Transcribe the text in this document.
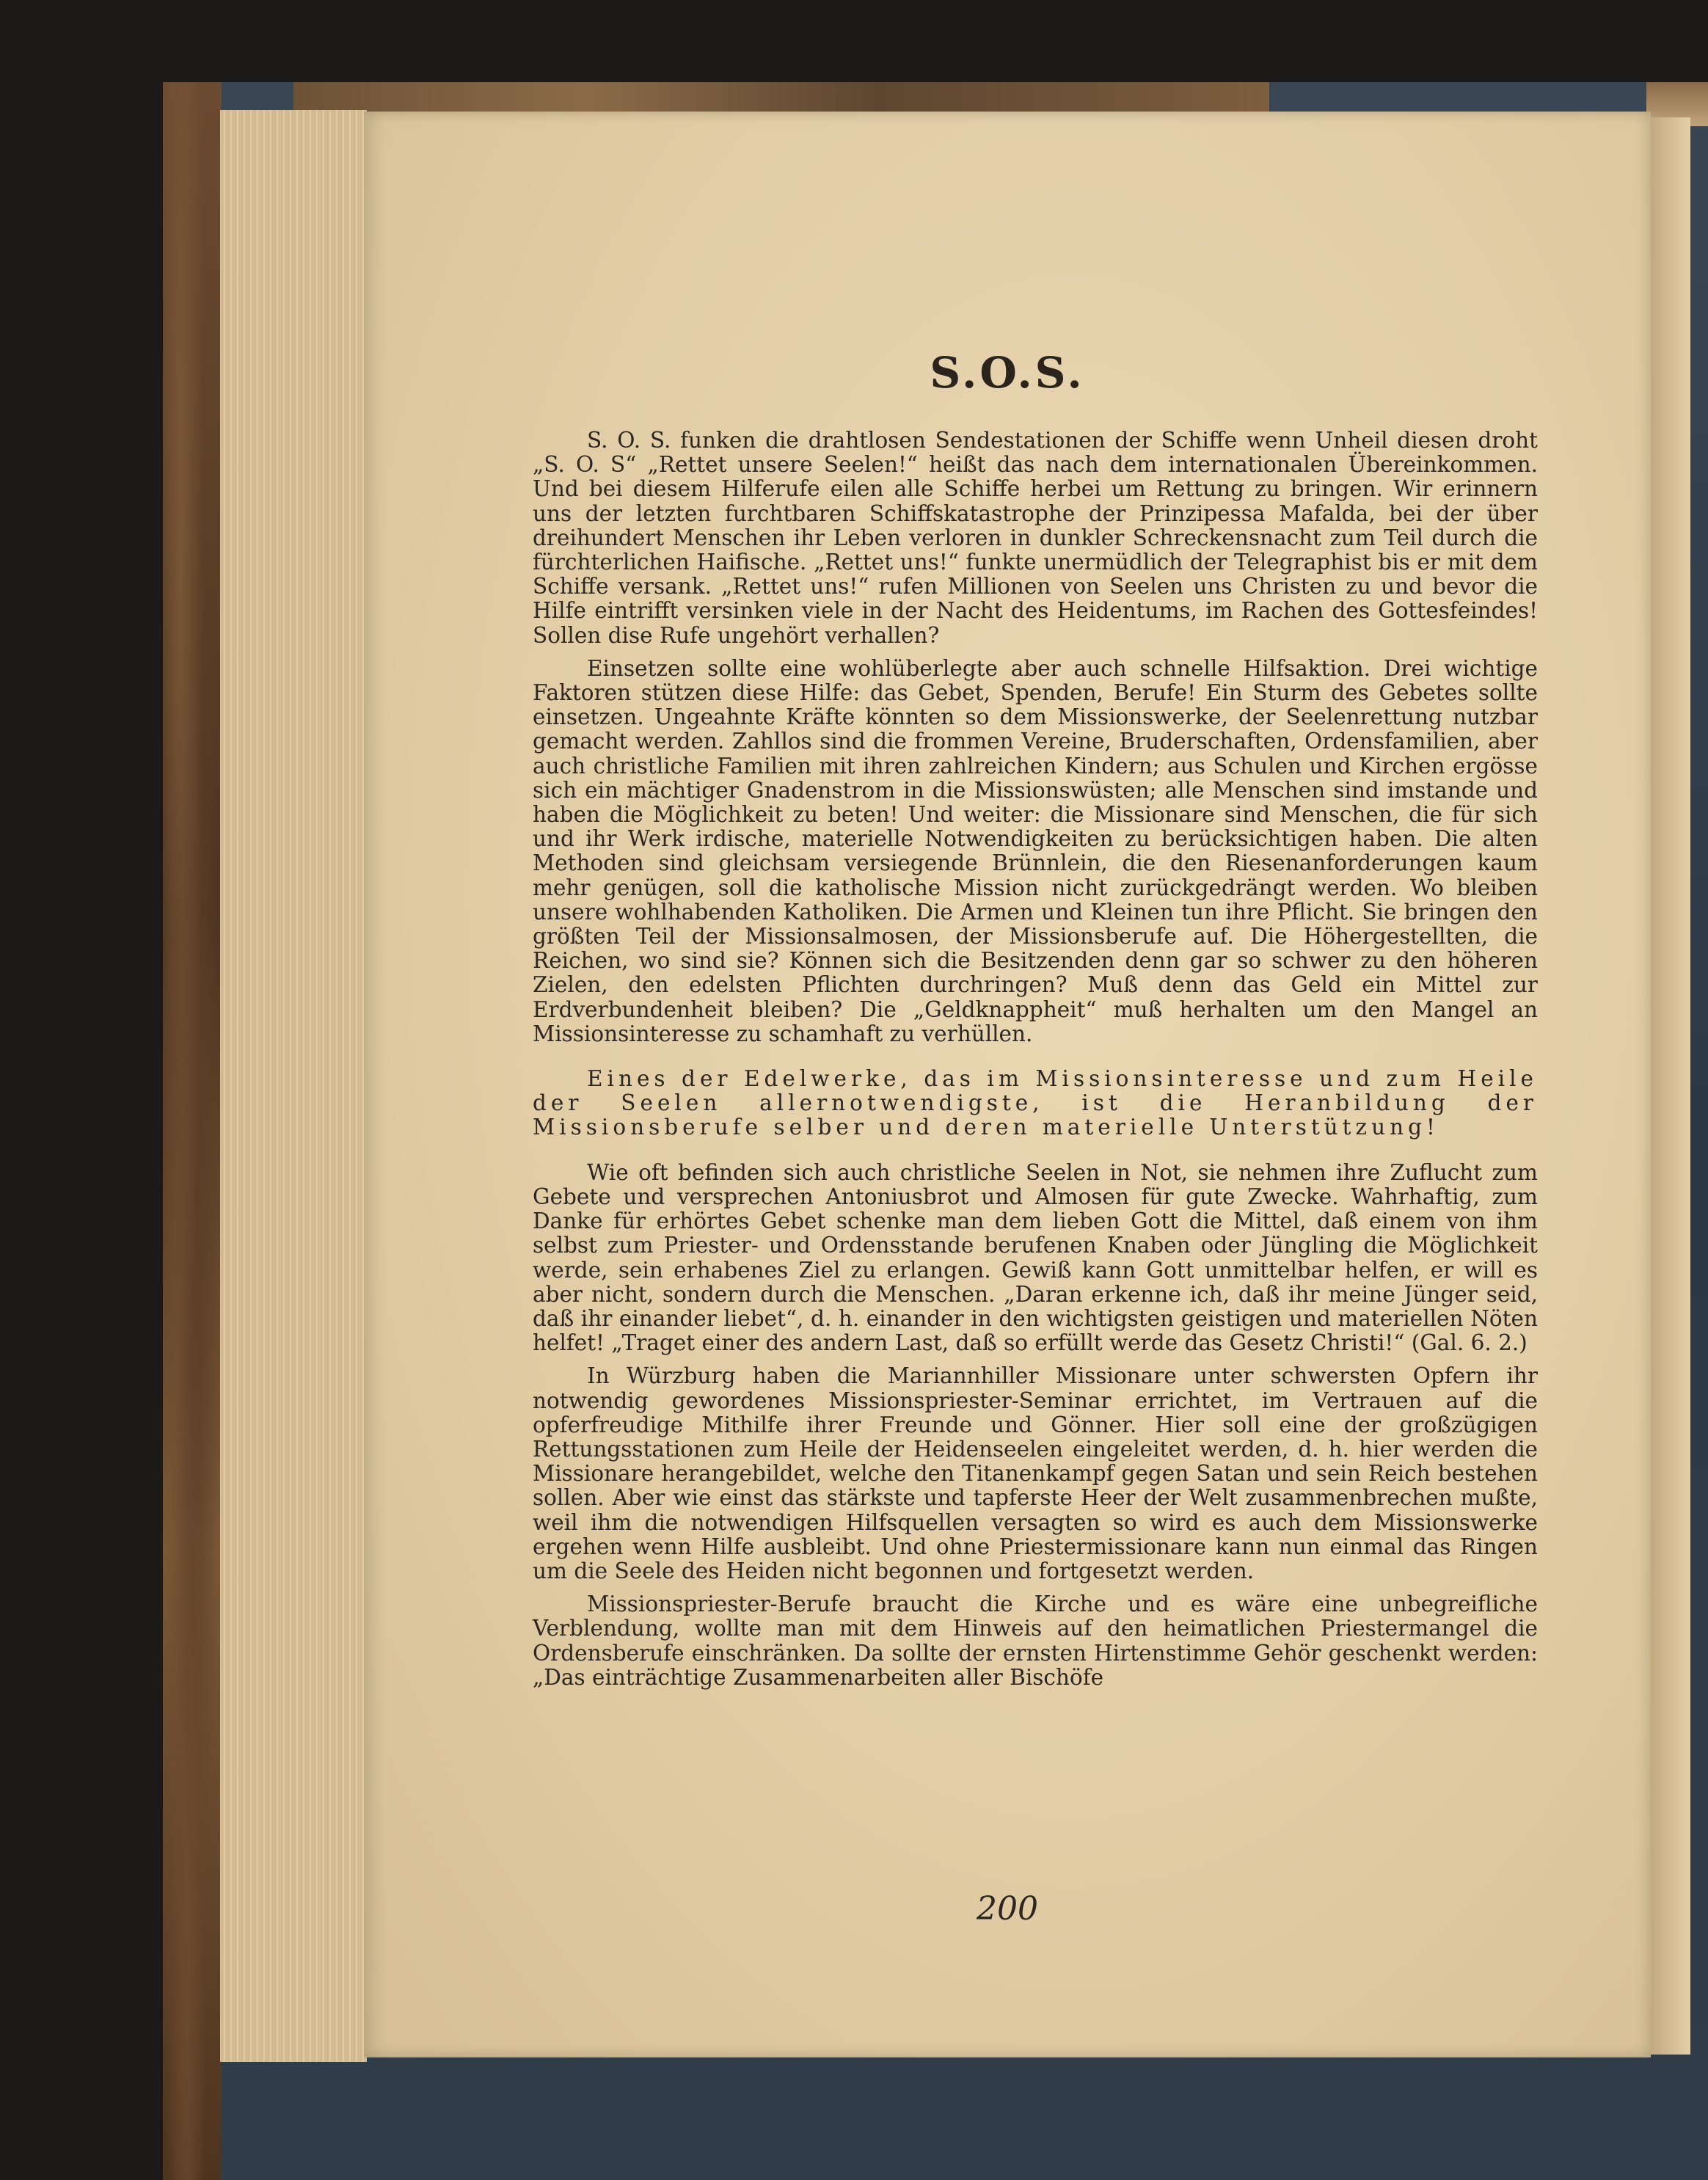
S.O.S.

S. O. S. funken die drahtlosen Sendestationen der Schiffe wenn Unheil diesen droht „S. O. S“ „Rettet unsere Seelen!“ heißt das nach dem internationalen Übereinkommen. Und bei diesem Hilferufe eilen alle Schiffe herbei um Rettung zu bringen. Wir erinnern uns der letzten furchtbaren Schiffskatastrophe der Prinzipessa Mafalda, bei der über dreihundert Menschen ihr Leben verloren in dunkler Schreckensnacht zum Teil durch die fürchterlichen Haifische. „Rettet uns!“ funkte unermüdlich der Telegraphist bis er mit dem Schiffe versank. „Rettet uns!“ rufen Millionen von Seelen uns Christen zu und bevor die Hilfe eintrifft versinken viele in der Nacht des Heidentums, im Rachen des Gottesfeindes! Sollen dise Rufe ungehört verhallen?

Einsetzen sollte eine wohlüberlegte aber auch schnelle Hilfsaktion. Drei wichtige Faktoren stützen diese Hilfe: das Gebet, Spenden, Berufe! Ein Sturm des Gebetes sollte einsetzen. Ungeahnte Kräfte könnten so dem Missionswerke, der Seelenrettung nutzbar gemacht werden. Zahllos sind die frommen Vereine, Bruderschaften, Ordensfamilien, aber auch christliche Familien mit ihren zahlreichen Kindern; aus Schulen und Kirchen ergösse sich ein mächtiger Gnadenstrom in die Missionswüsten; alle Menschen sind imstande und haben die Möglichkeit zu beten! Und weiter: die Missionare sind Menschen, die für sich und ihr Werk irdische, materielle Notwendigkeiten zu berücksichtigen haben. Die alten Methoden sind gleichsam versiegende Brünnlein, die den Riesenanforderungen kaum mehr genügen, soll die katholische Mission nicht zurückgedrängt werden. Wo bleiben unsere wohlhabenden Katholiken. Die Armen und Kleinen tun ihre Pflicht. Sie bringen den größten Teil der Missionsalmosen, der Missionsberufe auf. Die Höhergestellten, die Reichen, wo sind sie? Können sich die Besitzenden denn gar so schwer zu den höheren Zielen, den edelsten Pflichten durchringen? Muß denn das Geld ein Mittel zur Erdverbundenheit bleiben? Die „Geldknappheit“ muß herhalten um den Mangel an Missionsinteresse zu schamhaft zu verhüllen.

Eines der Edelwerke, das im Missionsinteresse und zum Heile der Seelen allernotwendigste, ist die Heranbildung der Missionsberufe selber und deren materielle Unterstützung!

Wie oft befinden sich auch christliche Seelen in Not, sie nehmen ihre Zuflucht zum Gebete und versprechen Antoniusbrot und Almosen für gute Zwecke. Wahrhaftig, zum Danke für erhörtes Gebet schenke man dem lieben Gott die Mittel, daß einem von ihm selbst zum Priester- und Ordensstande berufenen Knaben oder Jüngling die Möglichkeit werde, sein erhabenes Ziel zu erlangen. Gewiß kann Gott unmittelbar helfen, er will es aber nicht, sondern durch die Menschen. „Daran erkenne ich, daß ihr meine Jünger seid, daß ihr einander liebet“, d. h. einander in den wichtigsten geistigen und materiellen Nöten helfet! „Traget einer des andern Last, daß so erfüllt werde das Gesetz Christi!“ (Gal. 6. 2.)

In Würzburg haben die Mariannhiller Missionare unter schwersten Opfern ihr notwendig gewordenes Missionspriester-Seminar errichtet, im Vertrauen auf die opferfreudige Mithilfe ihrer Freunde und Gönner. Hier soll eine der großzügigen Rettungsstationen zum Heile der Heidenseelen eingeleitet werden, d. h. hier werden die Missionare herangebildet, welche den Titanenkampf gegen Satan und sein Reich bestehen sollen. Aber wie einst das stärkste und tapferste Heer der Welt zusammenbrechen mußte, weil ihm die notwendigen Hilfsquellen versagten so wird es auch dem Missionswerke ergehen wenn Hilfe ausbleibt. Und ohne Priestermissionare kann nun einmal das Ringen um die Seele des Heiden nicht begonnen und fortgesetzt werden.

Missionspriester-Berufe braucht die Kirche und es wäre eine unbegreifliche Verblendung, wollte man mit dem Hinweis auf den heimatlichen Priestermangel die Ordensberufe einschränken. Da sollte der ernsten Hirtenstimme Gehör geschenkt werden: „Das einträchtige Zusammenarbeiten aller Bischöfe

200
